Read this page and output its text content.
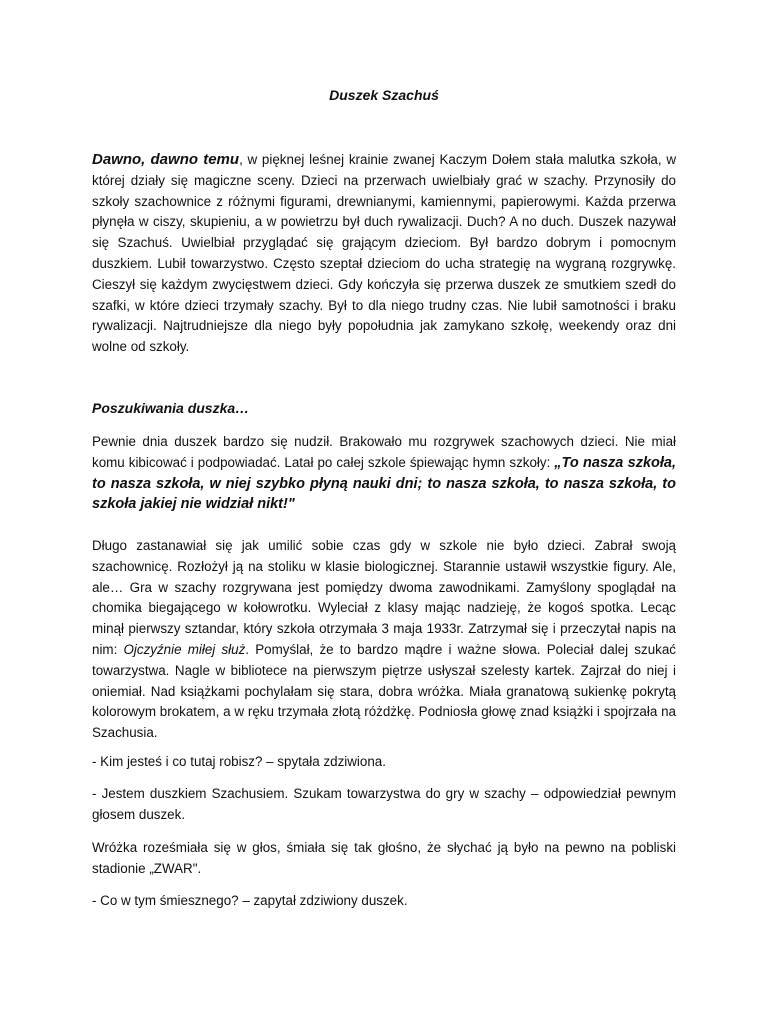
Duszek Szachuś

Dawno, dawno temu, w pięknej leśnej krainie zwanej Kaczym Dołem stała malutka szkoła, w której działy się magiczne sceny. Dzieci na przerwach uwielbiały grać w szachy. Przynosiły do szkoły szachownice z różnymi figurami, drewnianymi, kamiennymi, papierowymi. Każda przerwa płynęła w ciszy, skupieniu, a w powietrzu był duch rywalizacji. Duch? A no duch. Duszek nazywał się Szachuś. Uwielbiał przyglądać się grającym dzieciom. Był bardzo dobrym i pomocnym duszkiem. Lubił towarzystwo. Często szeptał dzieciom do ucha strategię na wygraną rozgrywkę. Cieszył się każdym zwycięstwem dzieci. Gdy kończyła się przerwa duszek ze smutkiem szedł do szafki, w które dzieci trzymały szachy. Był to dla niego trudny czas. Nie lubił samotności i braku rywalizacji. Najtrudniejsze dla niego były popołudnia jak zamykano szkołę, weekendy oraz dni wolne od szkoły.

Poszukiwania duszka…

Pewnie dnia duszek bardzo się nudził. Brakowało mu rozgrywek szachowych dzieci. Nie miał komu kibicować i podpowiadać. Latał po całej szkole śpiewając hymn szkoły: „To nasza szkoła, to nasza szkoła, w niej szybko płyną nauki dni; to nasza szkoła, to nasza szkoła, to szkoła jakiej nie widział nikt!"

Długo zastanawiał się jak umilić sobie czas gdy w szkole nie było dzieci. Zabrał swoją szachownicę. Rozłożył ją na stoliku w klasie biologicznej. Starannie ustawił wszystkie figury. Ale, ale… Gra w szachy rozgrywana jest pomiędzy dwoma zawodnikami. Zamyślony spoglądał na chomika biegającego w kołowrotku. Wyleciał z klasy mając nadzieję, że kogoś spotka. Lecąc minął pierwszy sztandar, który szkoła otrzymała 3 maja 1933r. Zatrzymał się i przeczytał napis na nim: Ojczyźnie miłej służ. Pomyślał, że to bardzo mądre i ważne słowa. Poleciał dalej szukać towarzystwa. Nagle w bibliotece na pierwszym piętrze usłyszał szelesty kartek. Zajrzał do niej i oniemiał. Nad książkami pochylałam się stara, dobra wróżka. Miała granatową sukienkę pokrytą kolorowym brokatem, a w ręku trzymała złotą różdżkę. Podniosła głowę znad książki i spojrzała na Szachusia.

- Kim jesteś i co tutaj robisz? – spytała zdziwiona.

- Jestem duszkiem Szachusiem. Szukam towarzystwa do gry w szachy – odpowiedział pewnym głosem duszek.

Wróżka roześmiała się w głos, śmiała się tak głośno, że słychać ją było na pewno na pobliski stadionie „ZWAR".

- Co w tym śmiesznego? – zapytał zdziwiony duszek.
